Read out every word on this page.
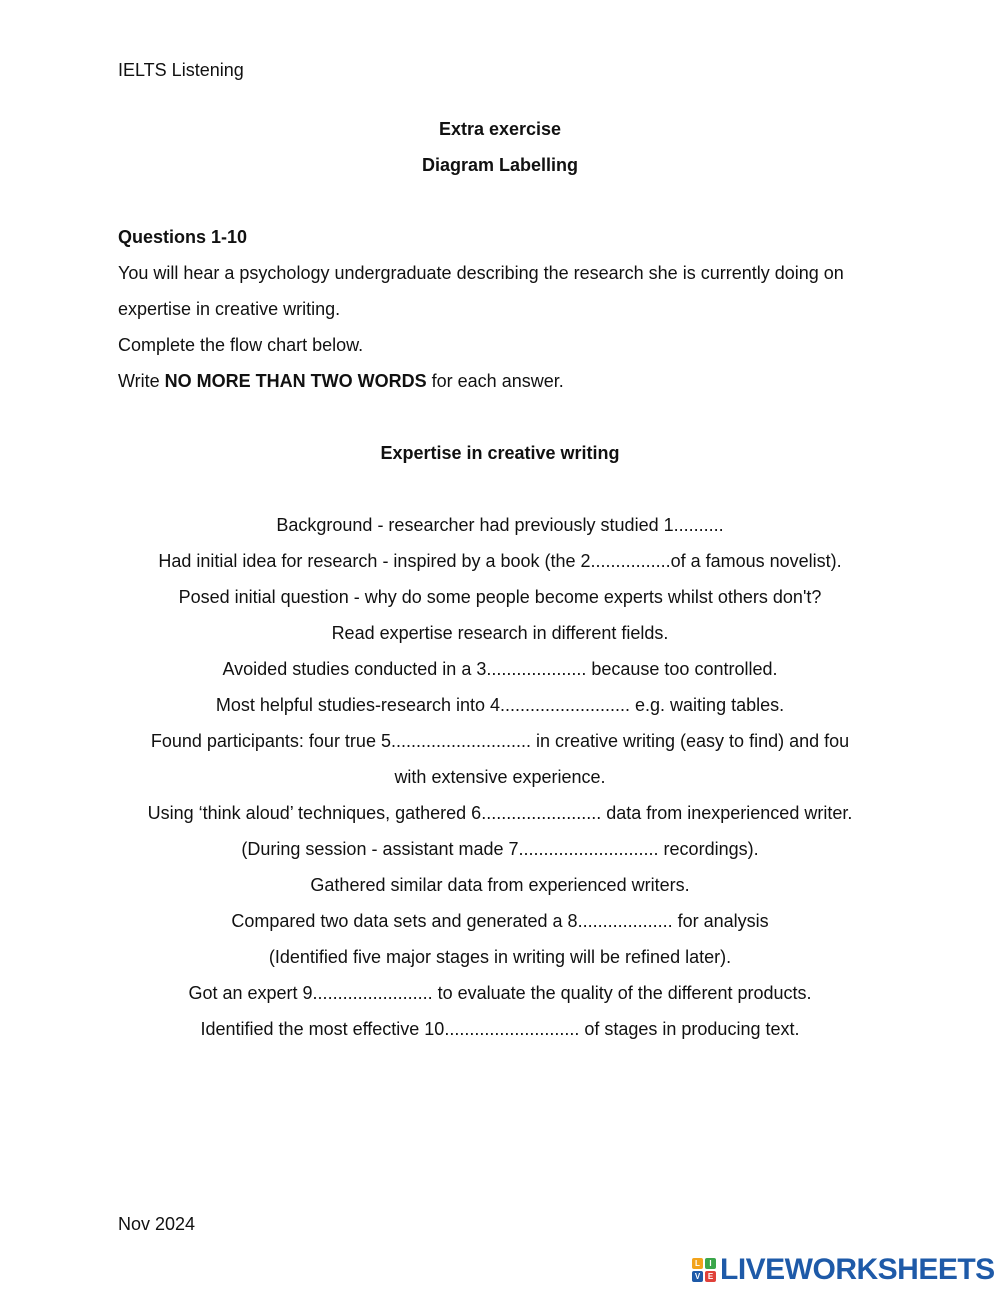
IELTS Listening
Extra exercise
Diagram Labelling
Questions 1-10
You will hear a psychology undergraduate describing the research she is currently doing on
expertise in creative writing.
Complete the flow chart below.
Write NO MORE THAN TWO WORDS for each answer.
Expertise in creative writing
Background - researcher had previously studied 1..........
Had initial idea for research - inspired by a book (the 2................of a famous novelist).
Posed initial question - why do some people become experts whilst others don't?
Read expertise research in different fields.
Avoided studies conducted in a 3.................... because too controlled.
Most helpful studies-research into 4.......................... e.g. waiting tables.
Found participants: four true 5............................ in creative writing (easy to find) and fou
with extensive experience.
Using ‘think aloud’ techniques, gathered 6........................ data from inexperienced writer.
(During session - assistant made 7............................ recordings).
Gathered similar data from experienced writers.
Compared two data sets and generated a 8................... for analysis
(Identified five major stages in writing will be refined later).
Got an expert 9........................ to evaluate the quality of the different products.
Identified the most effective 10........................... of stages in producing text.
Nov 2024
L	I
V E LIVEWORKSHEETS
